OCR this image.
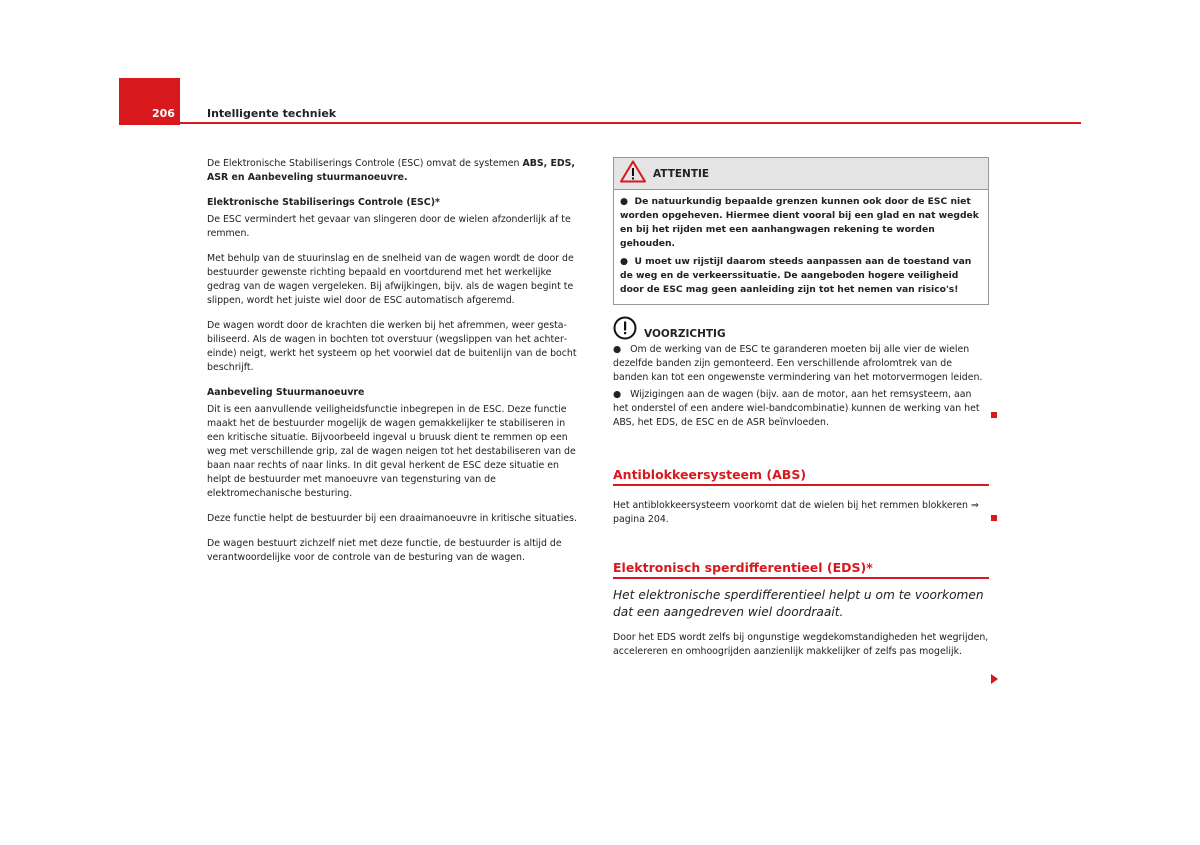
206	Intelligente techniek

De Elektronische Stabiliserings Controle (ESC) omvat de systemen ABS, EDS, ASR en Aanbeveling stuurmanoeuvre.

Elektronische Stabiliserings Controle (ESC)*

De ESC vermindert het gevaar van slingeren door de wielen afzonderlijk af te remmen.

Met behulp van de stuurinslag en de snelheid van de wagen wordt de door de bestuurder gewenste richting bepaald en voortdurend met het werkelijke gedrag van de wagen vergeleken. Bij afwijkingen, bijv. als de wagen begint te slippen, wordt het juiste wiel door de ESC automatisch afgeremd.

De wagen wordt door de krachten die werken bij het afremmen, weer gestabiliseerd. Als de wagen in bochten tot overstuur (wegslippen van het achtereinde) neigt, werkt het systeem op het voorwiel dat de buitenlijn van de bocht beschrijft.

Aanbeveling Stuurmanoeuvre

Dit is een aanvullende veiligheidsfunctie inbegrepen in de ESC. Deze functie maakt het de bestuurder mogelijk de wagen gemakkelijker te stabiliseren in een kritische situatie. Bijvoorbeeld ingeval u bruusk dient te remmen op een weg met verschillende grip, zal de wagen neigen tot het destabiliseren van de baan naar rechts of naar links. In dit geval herkent de ESC deze situatie en helpt de bestuurder met manoeuvre van tegensturing van de elektromechanische besturing.

Deze functie helpt de bestuurder bij een draaimanoeuvre in kritische situaties.

De wagen bestuurt zichzelf niet met deze functie, de bestuurder is altijd de verantwoordelijke voor de controle van de besturing van de wagen.

ATTENTIE

● De natuurkundig bepaalde grenzen kunnen ook door de ESC niet worden opgeheven. Hiermee dient vooral bij een glad en nat wegdek en bij het rijden met een aanhangwagen rekening te worden gehouden.

● U moet uw rijstijl daarom steeds aanpassen aan de toestand van de weg en de verkeerssituatie. De aangeboden hogere veiligheid door de ESC mag geen aanleiding zijn tot het nemen van risico's!

VOORZICHTIG

● Om de werking van de ESC te garanderen moeten bij alle vier de wielen dezelfde banden zijn gemonteerd. Een verschillende afrolomtrek van de banden kan tot een ongewenste vermindering van het motorvermogen leiden.

● Wijzigingen aan de wagen (bijv. aan de motor, aan het remsysteem, aan het onderstel of een andere wiel-bandcombinatie) kunnen de werking van het ABS, het EDS, de ESC en de ASR beïnvloeden.

Antiblokkeersysteem (ABS)

Het antiblokkeersysteem voorkomt dat de wielen bij het remmen blokkeren ⇒ pagina 204.

Elektronisch sperdifferentieel (EDS)*

Het elektronische sperdifferentieel helpt u om te voorkomen dat een aangedreven wiel doordraait.

Door het EDS wordt zelfs bij ongunstige wegdekomstandigheden het wegrijden, accelereren en omhoogrijden aanzienlijk makkelijker of zelfs pas mogelijk.
